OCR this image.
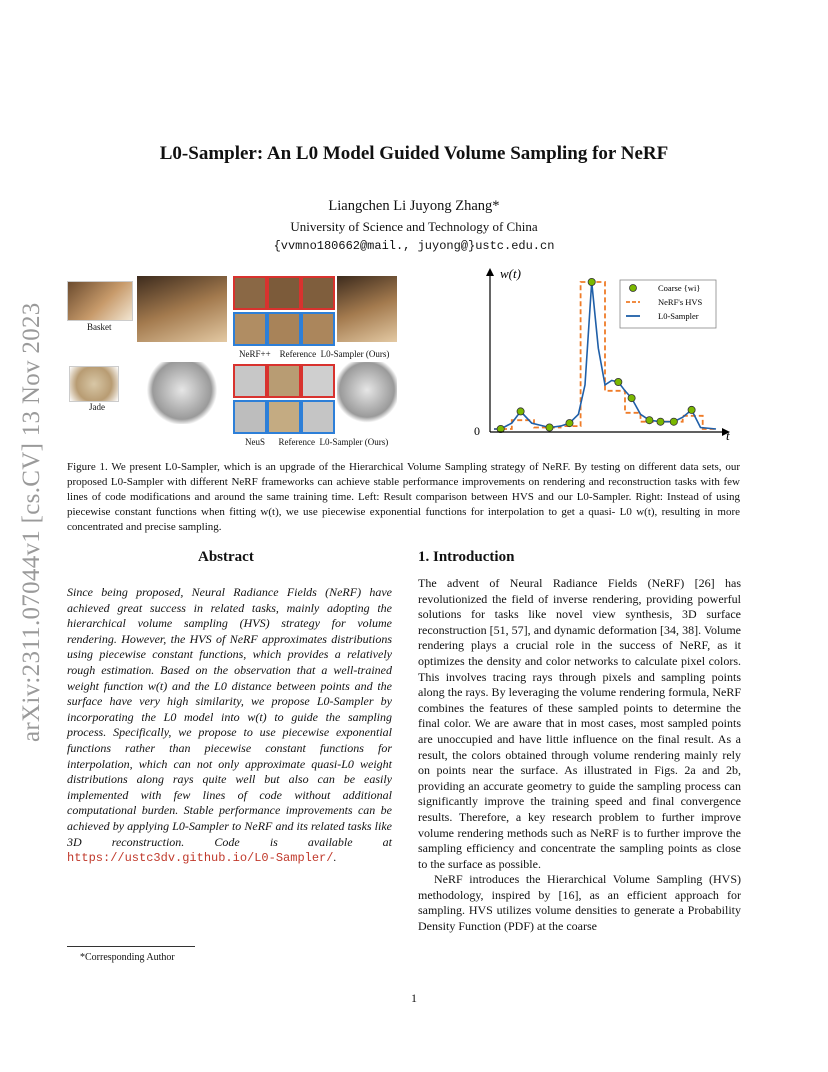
arXiv:2311.07044v1 [cs.CV] 13 Nov 2023
L0-Sampler: An L0 Model Guided Volume Sampling for NeRF
Liangchen Li Juyong Zhang*
University of Science and Technology of China
{vvmno180662@mail., juyong@}ustc.edu.cn
Basket
Jade
NeRF++    Reference  L0-Sampler (Ours)
NeuS      Reference  L0-Sampler (Ours)
w(t)
t
0
Coarse {wi}
NeRF's HVS
L0-Sampler
Figure 1. We present L0-Sampler, which is an upgrade of the Hierarchical Volume Sampling strategy of NeRF. By testing on different data sets, our proposed L0-Sampler with different NeRF frameworks can achieve stable performance improvements on rendering and reconstruction tasks with few lines of code modifications and around the same training time. Left: Result comparison between HVS and our L0-Sampler. Right: Instead of using piecewise constant functions when fitting w(t), we use piecewise exponential functions for interpolation to get a quasi- L0 w(t), resulting in more concentrated and precise sampling.
Abstract
Since being proposed, Neural Radiance Fields (NeRF) have achieved great success in related tasks, mainly adopting the hierarchical volume sampling (HVS) strategy for volume rendering. However, the HVS of NeRF approximates distributions using piecewise constant functions, which provides a relatively rough estimation. Based on the observation that a well-trained weight function w(t) and the L0 distance between points and the surface have very high similarity, we propose L0-Sampler by incorporating the L0 model into w(t) to guide the sampling process. Specifically, we propose to use piecewise exponential functions rather than piecewise constant functions for interpolation, which can not only approximate quasi-L0 weight distributions along rays quite well but also can be easily implemented with few lines of code without additional computational burden. Stable performance improvements can be achieved by applying L0-Sampler to NeRF and its related tasks like 3D reconstruction. Code is available at https://ustc3dv.github.io/L0-Sampler/.
1. Introduction

The advent of Neural Radiance Fields (NeRF) [26] has revolutionized the field of inverse rendering, providing powerful solutions for tasks like novel view synthesis, 3D surface reconstruction [51, 57], and dynamic deformation [34, 38]. Volume rendering plays a crucial role in the success of NeRF, as it optimizes the density and color networks to calculate pixel colors. This involves tracing rays through pixels and sampling points along the rays. By leveraging the volume rendering formula, NeRF combines the features of these sampled points to determine the final color. We are aware that in most cases, most sampled points are unoccupied and have little influence on the final result. As a result, the colors obtained through volume rendering mainly rely on points near the surface. As illustrated in Figs. 2a and 2b, providing an accurate geometry to guide the sampling process can significantly improve the training speed and final convergence results. Therefore, a key research problem to further improve volume rendering methods such as NeRF is to further improve the sampling efficiency and concentrate the sampling points as close to the surface as possible.

NeRF introduces the Hierarchical Volume Sampling (HVS) methodology, inspired by [16], as an efficient approach for sampling. HVS utilizes volume densities to generate a Probability Density Function (PDF) at the coarse

*Corresponding Author
1
